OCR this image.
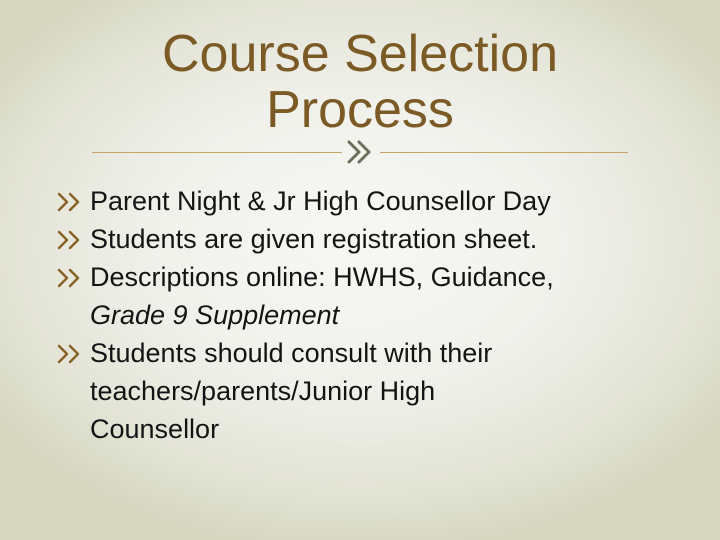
Course Selection
Process
Parent Night & Jr High Counsellor Day
Students are given registration sheet.
Descriptions online: HWHS, Guidance,
Grade 9 Supplement
Students should consult with their
teachers/parents/Junior High
Counsellor
